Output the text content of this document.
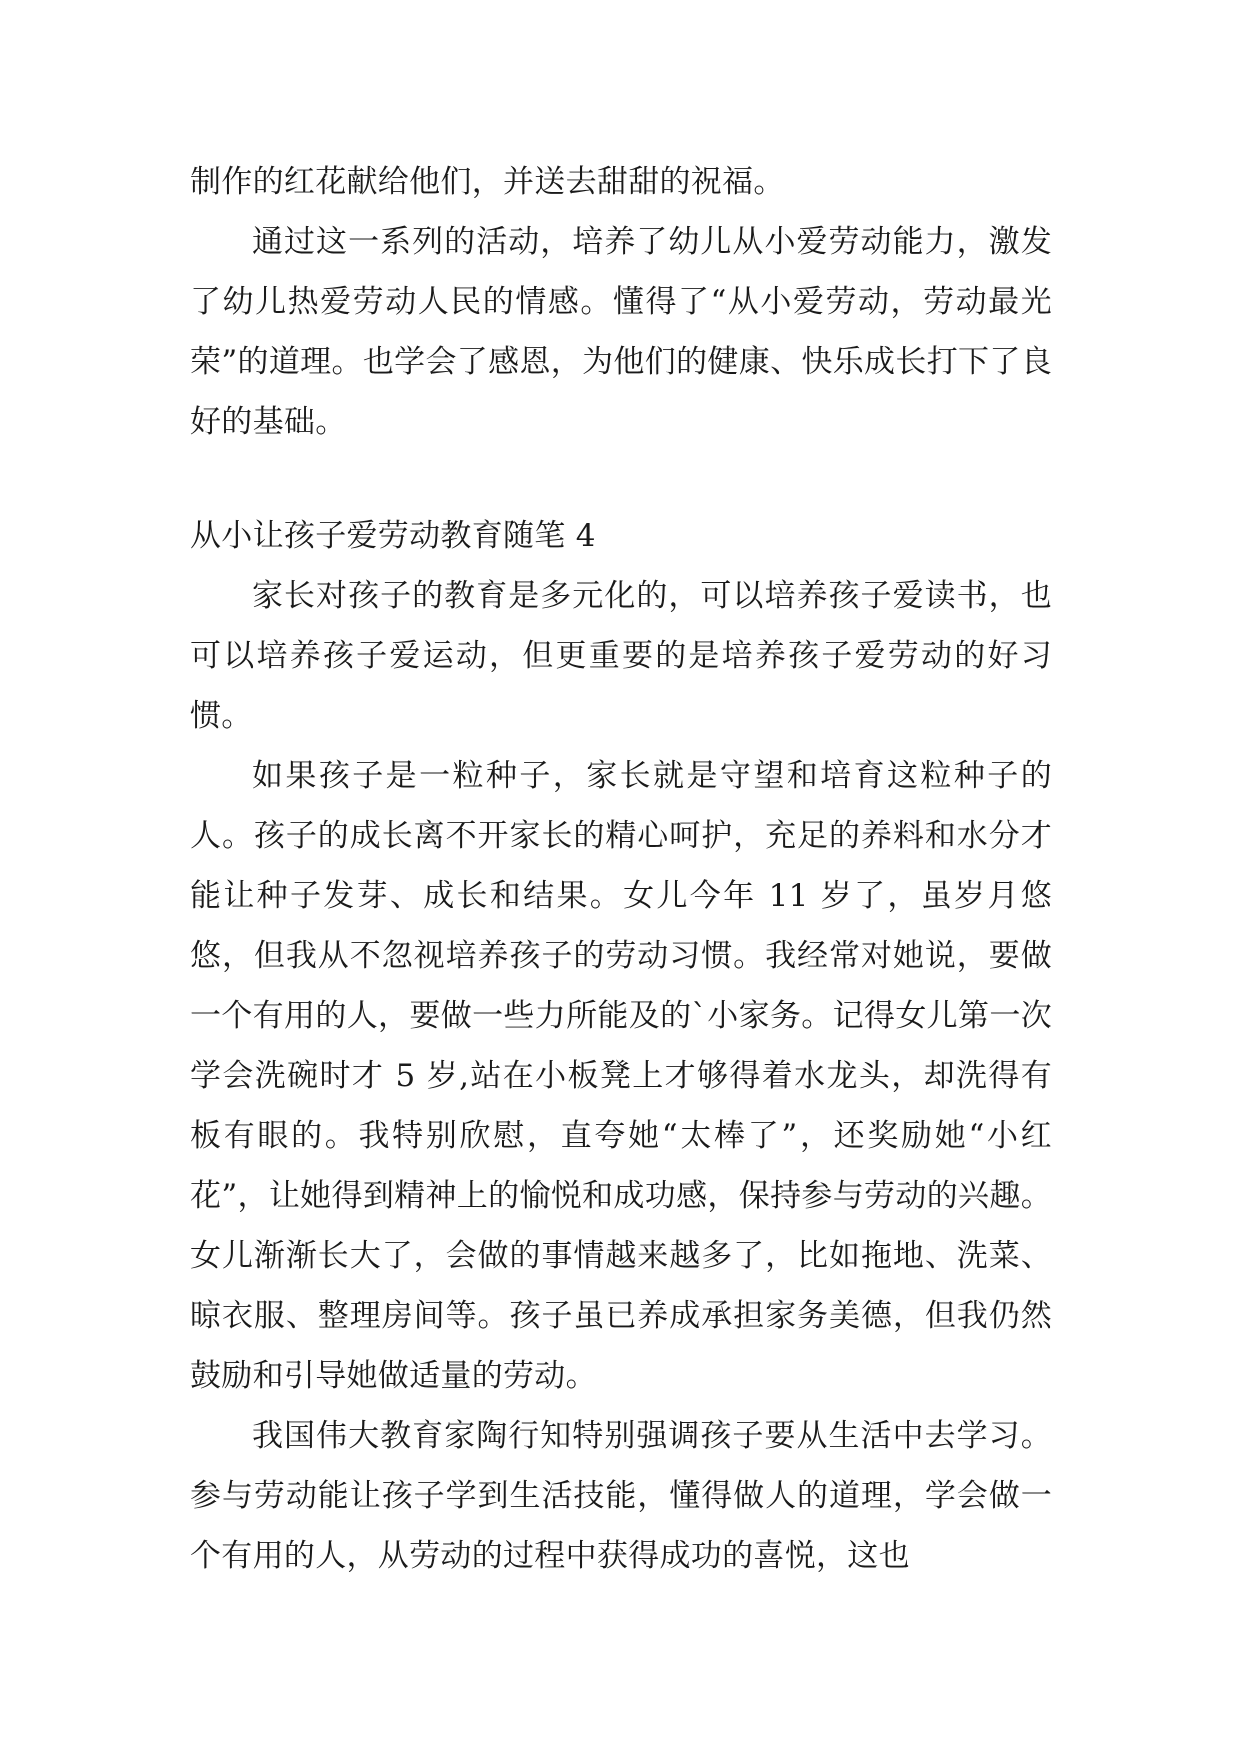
制作的红花献给他们，并送去甜甜的祝福。

通过这一系列的活动，培养了幼儿从小爱劳动能力，激发了幼儿热爱劳动人民的情感。懂得了“从小爱劳动，劳动最光荣”的道理。也学会了感恩，为他们的健康、快乐成长打下了良好的基础。

从小让孩子爱劳动教育随笔 4

家长对孩子的教育是多元化的，可以培养孩子爱读书，也可以培养孩子爱运动，但更重要的是培养孩子爱劳动的好习惯。

如果孩子是一粒种子，家长就是守望和培育这粒种子的人。孩子的成长离不开家长的精心呵护，充足的养料和水分才能让种子发芽、成长和结果。女儿今年 11 岁了，虽岁月悠悠，但我从不忽视培养孩子的劳动习惯。我经常对她说，要做一个有用的人，要做一些力所能及的`小家务。记得女儿第一次学会洗碗时才 5 岁,站在小板凳上才够得着水龙头，却洗得有板有眼的。我特别欣慰，直夸她“太棒了”，还奖励她“小红花”，让她得到精神上的愉悦和成功感，保持参与劳动的兴趣。女儿渐渐长大了，会做的事情越来越多了，比如拖地、洗菜、晾衣服、整理房间等。孩子虽已养成承担家务美德，但我仍然鼓励和引导她做适量的劳动。

我国伟大教育家陶行知特别强调孩子要从生活中去学习。参与劳动能让孩子学到生活技能，懂得做人的道理，学会做一个有用的人，从劳动的过程中获得成功的喜悦，这也
